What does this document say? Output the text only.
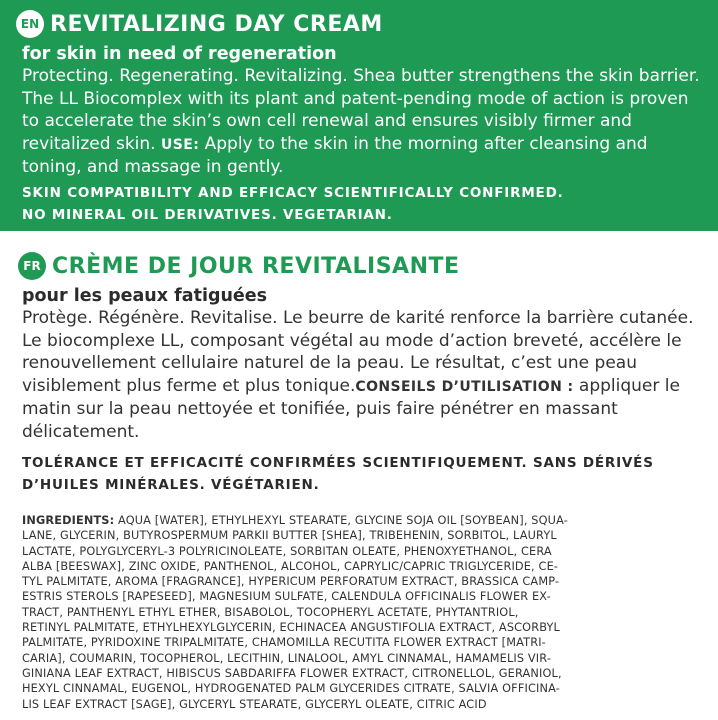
EN REVITALIZING DAY CREAM
for skin in need of regeneration
Protecting. Regenerating. Revitalizing. Shea butter strengthens the skin barrier. The LL Biocomplex with its plant and patent-pending mode of action is proven to accelerate the skin’s own cell renewal and ensures visibly firmer and revitalized skin. USE: Apply to the skin in the morning after cleansing and toning, and massage in gently.
SKIN COMPATIBILITY AND EFFICACY SCIENTIFICALLY CONFIRMED.
NO MINERAL OIL DERIVATIVES. VEGETARIAN.
FR CRÈME DE JOUR REVITALISANTE
pour les peaux fatiguées
Protège. Régénère. Revitalise. Le beurre de karité renforce la barrière cutanée. Le biocomplexe LL, composant végétal au mode d’action breveté, accélère le renouvellement cellulaire naturel de la peau. Le résultat, c’est une peau visiblement plus ferme et plus tonique.CONSEILS D’UTILISATION : appliquer le matin sur la peau nettoyée et tonifiée, puis faire pénétrer en massant délicatement.
TOLÉRANCE ET EFFICACITÉ CONFIRMÉES SCIENTIFIQUEMENT. SANS DÉRIVÉS
D’HUILES MINÉRALES. VÉGÉTARIEN.
INGREDIENTS: AQUA [WATER], ETHYLHEXYL STEARATE, GLYCINE SOJA OIL [SOYBEAN], SQUA-
LANE, GLYCERIN, BUTYROSPERMUM PARKII BUTTER [SHEA], TRIBEHENIN, SORBITOL, LAURYL
LACTATE, POLYGLYCERYL-3 POLYRICINOLEATE, SORBITAN OLEATE, PHENOXYETHANOL, CERA
ALBA [BEESWAX], ZINC OXIDE, PANTHENOL, ALCOHOL, CAPRYLIC/CAPRIC TRIGLYCERIDE, CE-
TYL PALMITATE, AROMA [FRAGRANCE], HYPERICUM PERFORATUM EXTRACT, BRASSICA CAMP-
ESTRIS STEROLS [RAPESEED], MAGNESIUM SULFATE, CALENDULA OFFICINALIS FLOWER EX-
TRACT, PANTHENYL ETHYL ETHER, BISABOLOL, TOCOPHERYL ACETATE, PHYTANTRIOL,
RETINYL PALMITATE, ETHYLHEXYLGLYCERIN, ECHINACEA ANGUSTIFOLIA EXTRACT, ASCORBYL
PALMITATE, PYRIDOXINE TRIPALMITATE, CHAMOMILLA RECUTITA FLOWER EXTRACT [MATRI-
CARIA], COUMARIN, TOCOPHEROL, LECITHIN, LINALOOL, AMYL CINNAMAL, HAMAMELIS VIR-
GINIANA LEAF EXTRACT, HIBISCUS SABDARIFFA FLOWER EXTRACT, CITRONELLOL, GERANIOL,
HEXYL CINNAMAL, EUGENOL, HYDROGENATED PALM GLYCERIDES CITRATE, SALVIA OFFICINA-
LIS LEAF EXTRACT [SAGE], GLYCERYL STEARATE, GLYCERYL OLEATE, CITRIC ACID
